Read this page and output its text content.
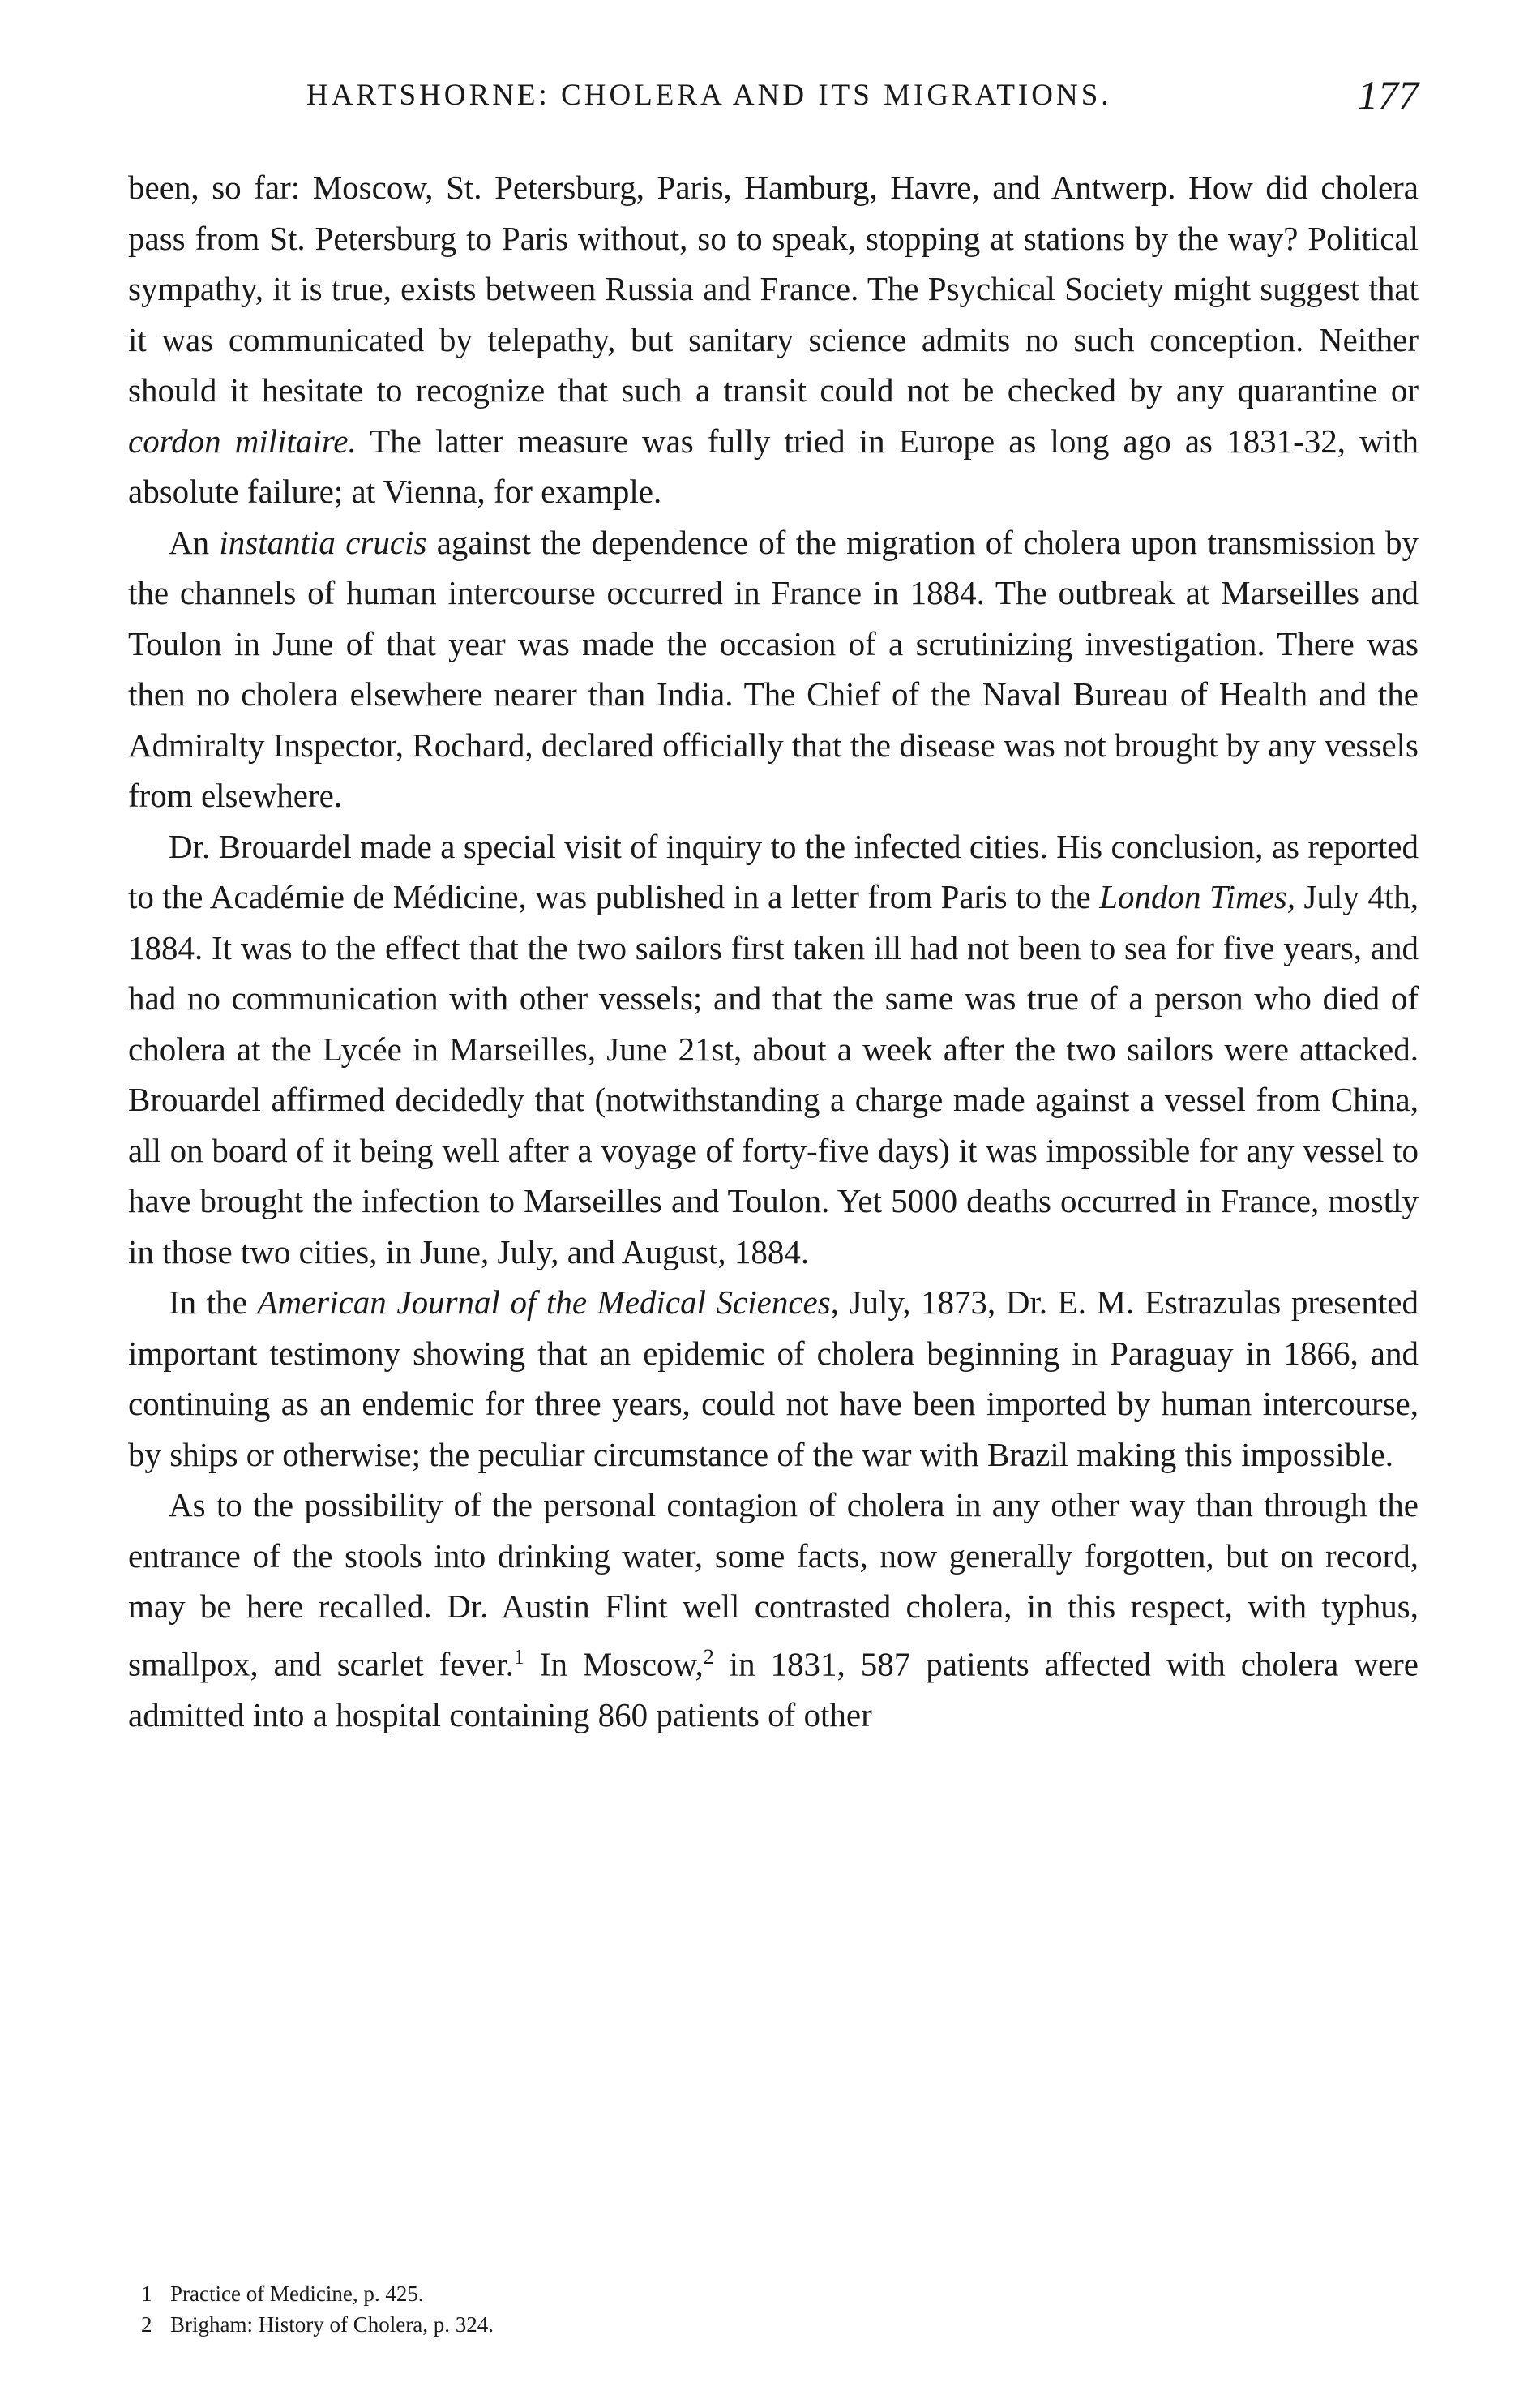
HARTSHORNE: CHOLERA AND ITS MIGRATIONS.	177

been, so far: Moscow, St. Petersburg, Paris, Hamburg, Havre, and Antwerp. How did cholera pass from St. Petersburg to Paris without, so to speak, stopping at stations by the way? Political sympathy, it is true, exists between Russia and France. The Psychical Society might suggest that it was communicated by telepathy, but sanitary science admits no such conception. Neither should it hesitate to recognize that such a transit could not be checked by any quarantine or cordon militaire. The latter measure was fully tried in Europe as long ago as 1831-32, with absolute failure; at Vienna, for example.

An instantia crucis against the dependence of the migration of cholera upon transmission by the channels of human intercourse occurred in France in 1884. The outbreak at Marseilles and Toulon in June of that year was made the occasion of a scrutinizing investigation. There was then no cholera elsewhere nearer than India. The Chief of the Naval Bureau of Health and the Admiralty Inspector, Rochard, declared officially that the disease was not brought by any vessels from elsewhere.

Dr. Brouardel made a special visit of inquiry to the infected cities. His conclusion, as reported to the Académie de Médicine, was published in a letter from Paris to the London Times, July 4th, 1884. It was to the effect that the two sailors first taken ill had not been to sea for five years, and had no communication with other vessels; and that the same was true of a person who died of cholera at the Lycée in Marseilles, June 21st, about a week after the two sailors were attacked. Brouardel affirmed decidedly that (notwithstanding a charge made against a vessel from China, all on board of it being well after a voyage of forty-five days) it was impossible for any vessel to have brought the infection to Marseilles and Toulon. Yet 5000 deaths occurred in France, mostly in those two cities, in June, July, and August, 1884.

In the American Journal of the Medical Sciences, July, 1873, Dr. E. M. Estrazulas presented important testimony showing that an epidemic of cholera beginning in Paraguay in 1866, and continuing as an endemic for three years, could not have been imported by human intercourse, by ships or otherwise; the peculiar circumstance of the war with Brazil making this impossible.

As to the possibility of the personal contagion of cholera in any other way than through the entrance of the stools into drinking water, some facts, now generally forgotten, but on record, may be here recalled. Dr. Austin Flint well contrasted cholera, in this respect, with typhus, smallpox, and scarlet fever.$^1$ In Moscow,$^2$ in 1831, 587 patients affected with cholera were admitted into a hospital containing 860 patients of other

1 Practice of Medicine, p. 425.

2 Brigham: History of Cholera, p. 324.
